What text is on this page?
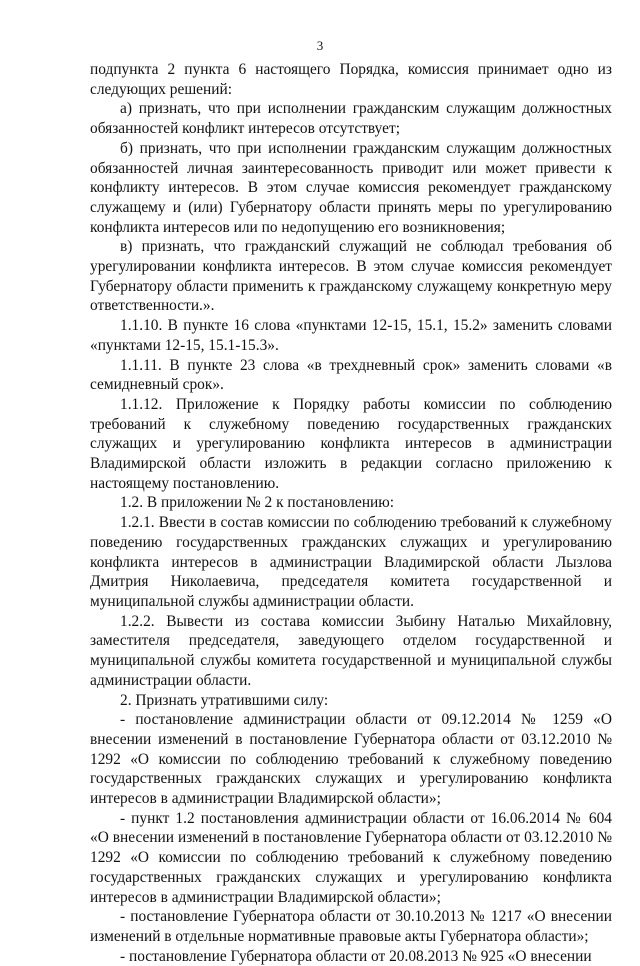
3

подпункта 2 пункта 6 настоящего Порядка, комиссия принимает одно из следующих решений:

а) признать, что при исполнении гражданским служащим должностных обязанностей конфликт интересов отсутствует;

б) признать, что при исполнении гражданским служащим должностных обязанностей личная заинтересованность приводит или может привести к конфликту интересов. В этом случае комиссия рекомендует гражданскому служащему и (или) Губернатору области принять меры по урегулированию конфликта интересов или по недопущению его возникновения;

в) признать, что гражданский служащий не соблюдал требования об урегулировании конфликта интересов. В этом случае комиссия рекомендует Губернатору области применить к гражданскому служащему конкретную меру ответственности.».

1.1.10. В пункте 16 слова «пунктами 12-15, 15.1, 15.2» заменить словами «пунктами 12-15, 15.1-15.3».

1.1.11. В пункте 23 слова «в трехдневный срок» заменить словами «в семидневный срок».

1.1.12. Приложение к Порядку работы комиссии по соблюдению требований к служебному поведению государственных гражданских служащих и урегулированию конфликта интересов в администрации Владимирской области изложить в редакции согласно приложению к настоящему постановлению.

1.2. В приложении № 2 к постановлению:

1.2.1. Ввести в состав комиссии по соблюдению требований к служебному поведению государственных гражданских служащих и урегулированию конфликта интересов в администрации Владимирской области Лызлова Дмитрия Николаевича, председателя комитета государственной и муниципальной службы администрации области.

1.2.2. Вывести из состава комиссии Зыбину Наталью Михайловну, заместителя председателя, заведующего отделом государственной и муниципальной службы комитета государственной и муниципальной службы администрации области.

2. Признать утратившими силу:

- постановление администрации области от 09.12.2014 № 1259 «О внесении изменений в постановление Губернатора области от 03.12.2010 № 1292 «О комиссии по соблюдению требований к служебному поведению государственных гражданских служащих и урегулированию конфликта интересов в администрации Владимирской области»;

- пункт 1.2 постановления администрации области от 16.06.2014 № 604 «О внесении изменений в постановление Губернатора области от 03.12.2010 № 1292 «О комиссии по соблюдению требований к служебному поведению государственных гражданских служащих и урегулированию конфликта интересов в администрации Владимирской области»;

- постановление Губернатора области от 30.10.2013 № 1217 «О внесении изменений в отдельные нормативные правовые акты Губернатора области»;

- постановление Губернатора области от 20.08.2013 № 925 «О внесении
